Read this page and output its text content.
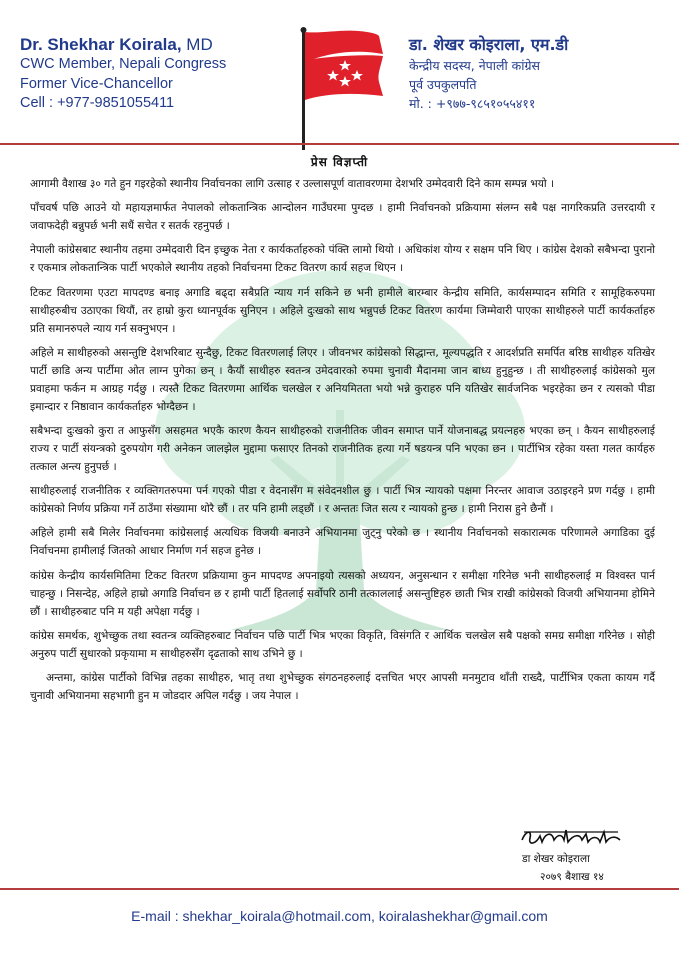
Dr. Shekhar Koirala, MD
CWC Member, Nepali Congress
Former Vice-Chancellor
Cell : +977-9851055411
डा. शेखर कोइराला, एम.डी
केन्द्रीय सदस्य, नेपाली कांग्रेस
पूर्व उपकुलपति
मो. : +९७७-९८५१०५५४११
प्रेस विज्ञप्ती

आगामी वैशाख ३० गते हुन गइरहेको स्थानीय निर्वाचनका लागि उत्साह र उल्लासपूर्ण वातावरणमा देशभरि उम्मेदवारी दिने काम सम्पन्न भयो ।

पाँचवर्ष पछि आउने यो महायज्ञमार्फत नेपालको लोकतान्त्रिक आन्दोलन गाउँघरमा पुग्दछ । हामी निर्वाचनको प्रक्रियामा संलग्न सबै पक्ष नागरिकप्रति उत्तरदायी र जवाफदेही बन्नुपर्छ भनी सधैं सचेत र सतर्क रहनुपर्छ ।

नेपाली कांग्रेसबाट स्थानीय तहमा उम्मेदवारी दिन इच्छुक नेता र कार्यकर्ताहरुको पंक्ति लामो थियो । अधिकांश योग्य र सक्षम पनि थिए । कांग्रेस देशको सबैभन्दा पुरानो र एकमात्र लोकतान्त्रिक पार्टी भएकोले स्थानीय तहको निर्वाचनमा टिकट वितरण कार्य सहज थिएन ।

टिकट वितरणमा एउटा मापदण्ड बनाइ अगाडि बढ्दा सबैप्रति न्याय गर्न सकिने छ भनी हामीले बारम्बार केन्द्रीय समिति, कार्यसम्पादन समिति र सामूहिकरुपमा साथीहरुबीच उठाएका थियौं, तर हाम्रो कुरा ध्यानपूर्वक सुनिएन । अहिले दुःखको साथ भन्नुपर्छ टिकट वितरण कार्यमा जिम्मेवारी पाएका साथीहरुले पार्टी कार्यकर्ताहरु प्रति समानरुपले न्याय गर्न सक्नुभएन ।

अहिले म साथीहरुको असन्तुष्टि देशभरिबाट सुन्दैछु, टिकट वितरणलाई लिएर । जीवनभर कांग्रेसको सिद्धान्त, मूल्यपद्धति र आदर्शप्रति समर्पित बरिष्ठ साथीहरु यतिखेर पार्टी छाडि अन्य पार्टीमा ओत लाग्न पुगेका छन् । कैयौं साथीहरु स्वतन्त्र उमेदवारको रुपमा चुनावी मैदानमा जान बाध्य हुनुहुन्छ । ती साथीहरुलाई कांग्रेसको मुल प्रवाहमा फर्कन म आग्रह गर्दछु । त्यस्तै टिकट वितरणमा आर्थिक चलखेल र अनियमितता भयो भन्ने कुराहरु पनि यतिखेर सार्वजनिक भइरहेका छन र त्यसको पीडा इमान्दार र निष्ठावान कार्यकर्ताहरु भोग्दैछन ।

सबैभन्दा दुःखको कुरा त आफुसँग असहमत भएकै कारण कैयन साथीहरुको राजनीतिक जीवन समाप्त पार्ने योजनाबद्ध प्रयत्नहरु भएका छन् । कैयन साथीहरुलाई राज्य र पार्टी संयन्त्रको दुरुपयोग गरी अनेकन जालझेल मुद्दामा फसाएर तिनको राजनीतिक हत्या गर्ने षडयन्त्र पनि भएका छन । पार्टीभित्र रहेका यस्ता गलत कार्यहरु तत्काल अन्त्य हुनुपर्छ ।

साथीहरुलाई राजनीतिक र व्यक्तिगतरुपमा पर्न गएको पीडा र वेदनासँग म संवेदनशील छु । पार्टी भित्र न्यायको पक्षमा निरन्तर आवाज उठाइरहने प्रण गर्दछु । हामी कांग्रेसको निर्णय प्रक्रिया गर्ने ठाउँमा संख्यामा थोरै छौं । तर पनि हामी लड्छौं । र अन्ततः जित सत्य र न्यायको हुन्छ । हामी निरास हुने छैनौं ।

अहिले हामी सबै मिलेर निर्वाचनमा कांग्रेसलाई अत्यधिक विजयी बनाउने अभियानमा जुट्नु परेको छ । स्थानीय निर्वाचनको सकारात्मक परिणामले अगाडिका दुई निर्वाचनमा हामीलाई जितको आधार निर्माण गर्न सहज हुनेछ ।

कांग्रेस केन्द्रीय कार्यसमितिमा टिकट वितरण प्रक्रियामा कुन मापदण्ड अपनाइयो त्यसको अध्ययन, अनुसन्धान र समीक्षा गरिनेछ भनी साथीहरुलाई म विश्वस्त पार्न चाहन्छु । निसन्देह, अहिले हाम्रो अगाडि निर्वाचन छ र हामी पार्टी हितलाई सर्वोपरि ठानी तत्काललाई असन्तुष्टिहरु छाती भित्र राखी कांग्रेसको विजयी अभियानमा होमिने छौं । साथीहरुबाट पनि म यही अपेक्षा गर्दछु ।

कांग्रेस समर्थक, शुभेच्छुक तथा स्वतन्त्र व्यक्तिहरुबाट निर्वाचन पछि पार्टी भित्र भएका विकृति, विसंगति र आर्थिक चलखेल सबै पक्षको समग्र समीक्षा गरिनेछ । सोही अनुरुप पार्टी सुधारको प्रकृयामा म साथीहरुसँग दृढताको साथ उभिने छु ।

अन्तमा, कांग्रेस पार्टीको विभिन्न तहका साथीहरु, भातृ तथा शुभेच्छुक संगठनहरुलाई दत्तचित भएर आपसी मनमुटाव थाँती राख्दै, पार्टीभित्र एकता कायम गर्दै चुनावी अभियानमा सहभागी हुन म जोडदार अपिल गर्दछु । जय नेपाल ।

डा शेखर कोइराला
२०७९ बैशाख १४
E-mail : shekhar_koirala@hotmail.com, koiralashekhar@gmail.com
